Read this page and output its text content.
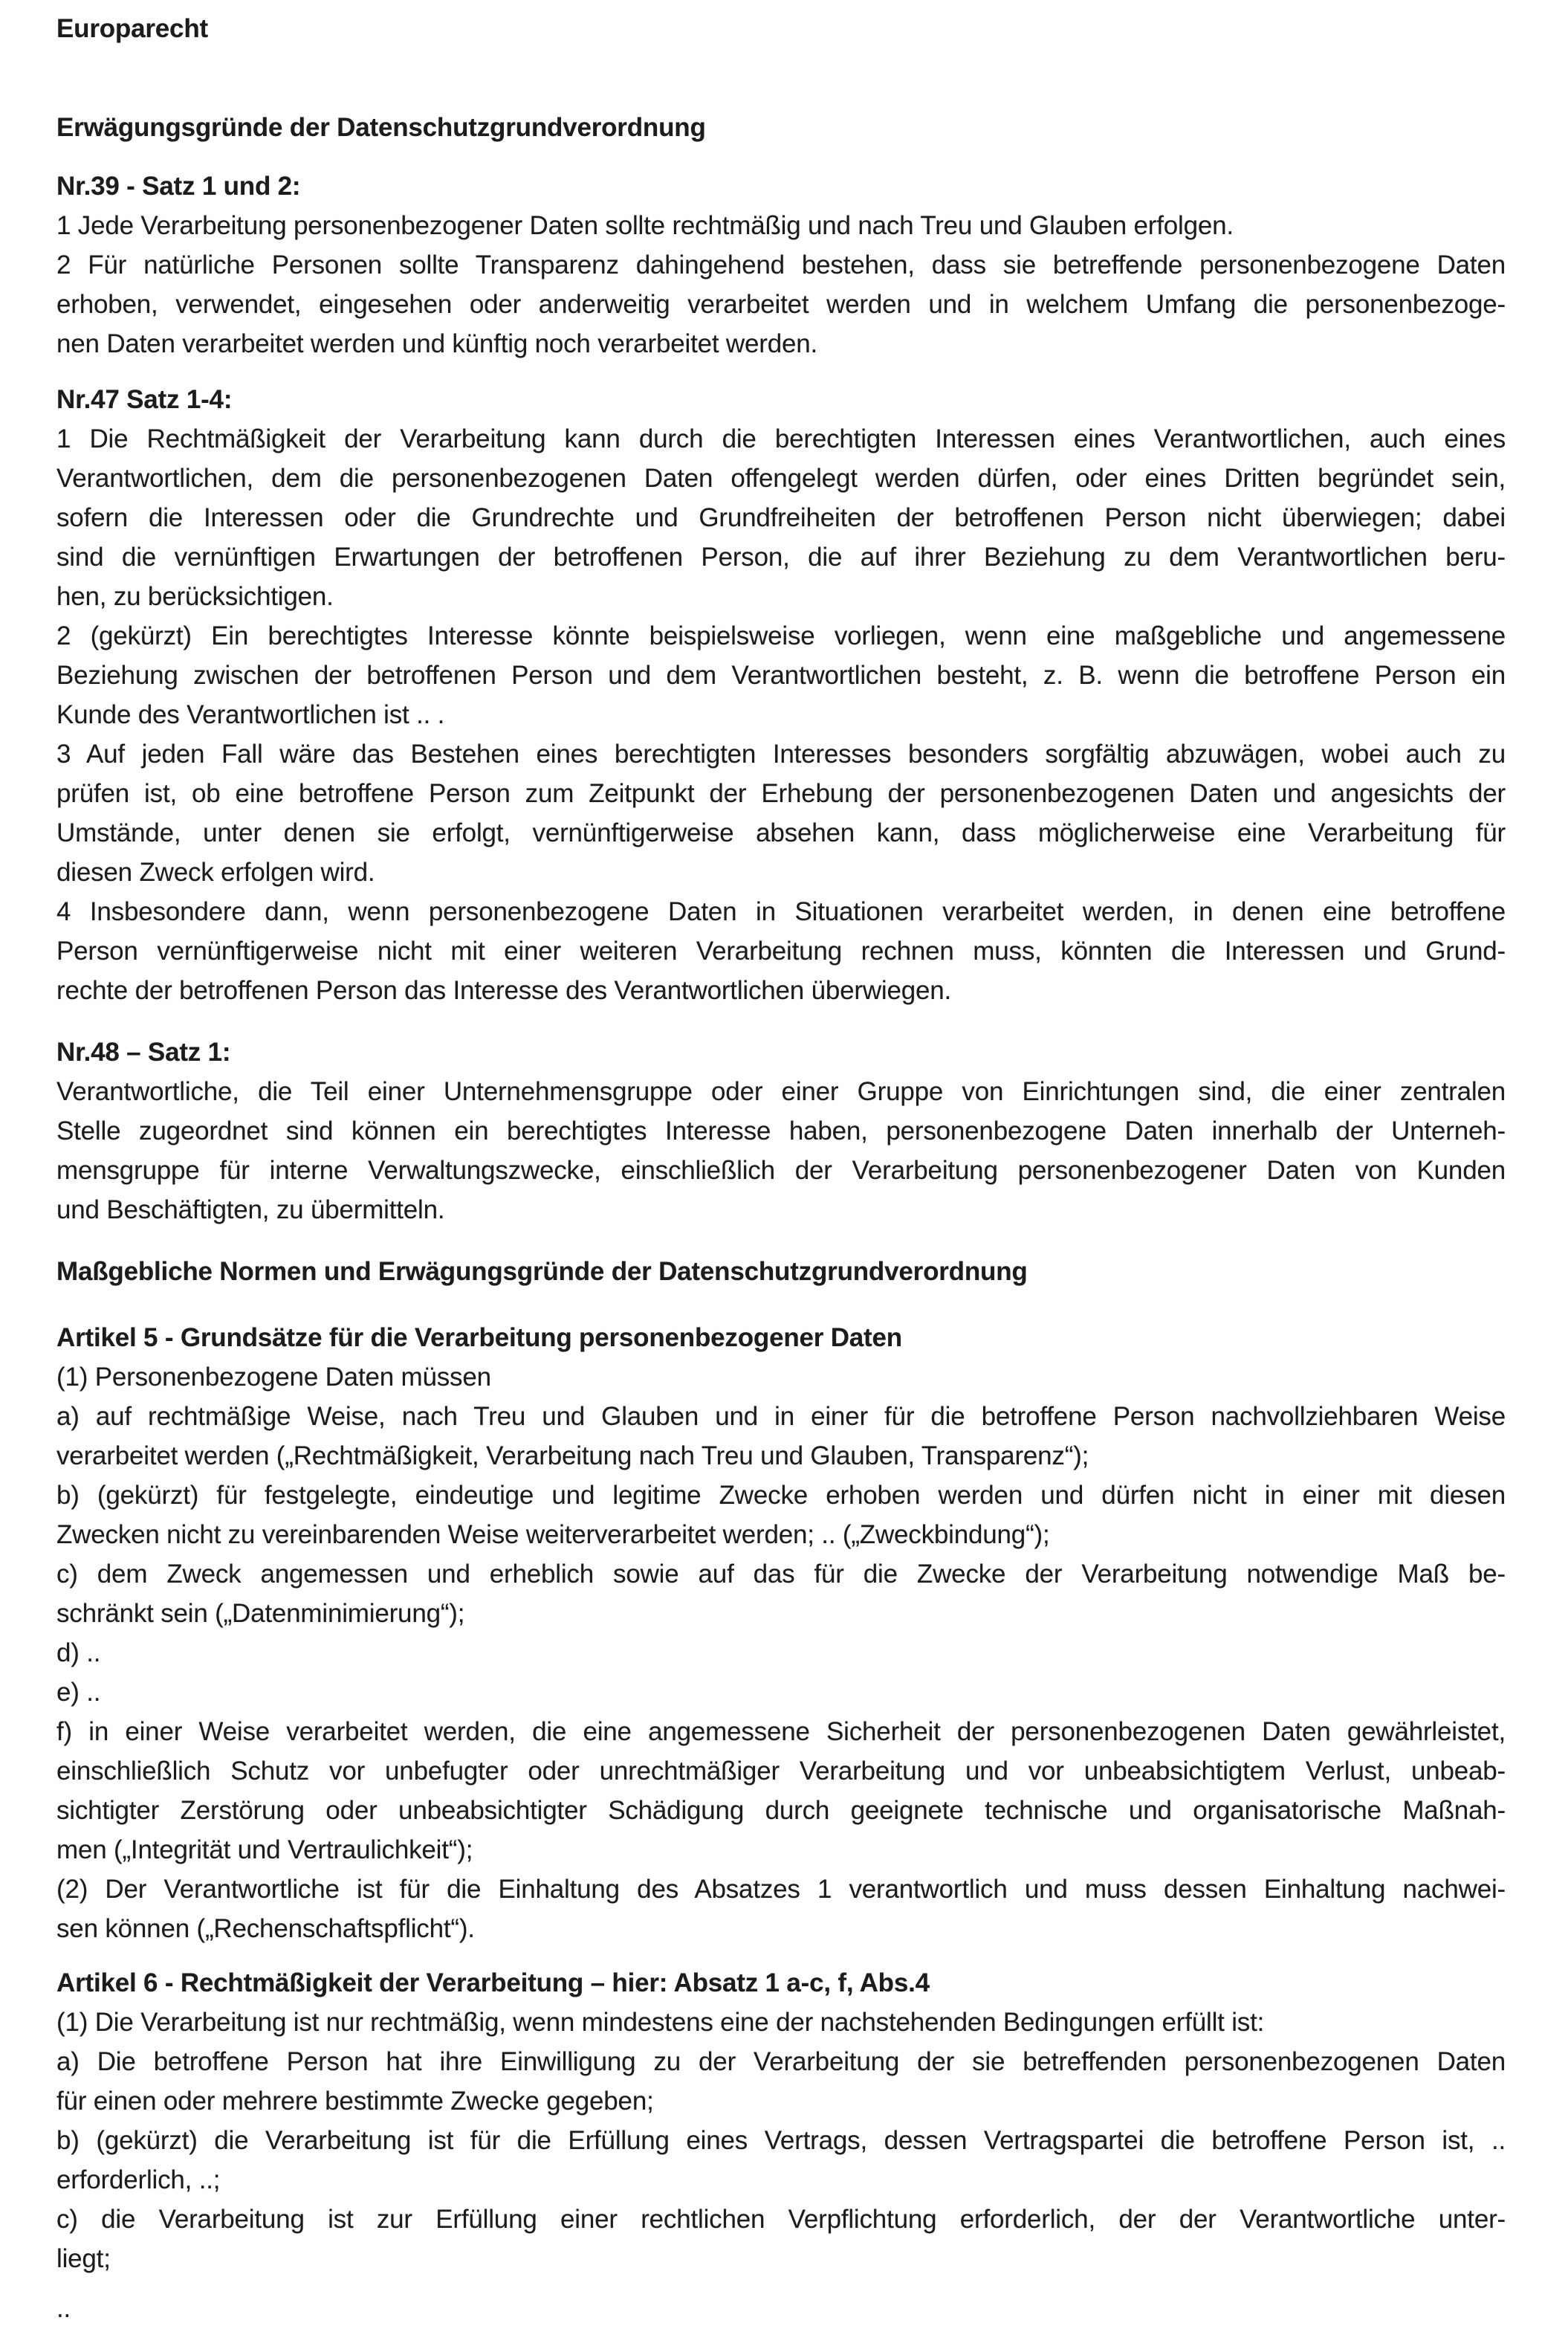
Europarecht
Erwägungsgründe der Datenschutzgrundverordnung
Nr.39 - Satz 1 und 2:
1 Jede Verarbeitung personenbezogener Daten sollte rechtmäßig und nach Treu und Glauben erfolgen.
2 Für natürliche Personen sollte Transparenz dahingehend bestehen, dass sie betreffende personenbezogene Daten
erhoben, verwendet, eingesehen oder anderweitig verarbeitet werden und in welchem Umfang die personenbezoge-
nen Daten verarbeitet werden und künftig noch verarbeitet werden.
Nr.47 Satz 1-4:
1 Die Rechtmäßigkeit der Verarbeitung kann durch die berechtigten Interessen eines Verantwortlichen, auch eines
Verantwortlichen, dem die personenbezogenen Daten offengelegt werden dürfen, oder eines Dritten begründet sein,
sofern die Interessen oder die Grundrechte und Grundfreiheiten der betroffenen Person nicht überwiegen; dabei
sind die vernünftigen Erwartungen der betroffenen Person, die auf ihrer Beziehung zu dem Verantwortlichen beru-
hen, zu berücksichtigen.
2 (gekürzt) Ein berechtigtes Interesse könnte beispielsweise vorliegen, wenn eine maßgebliche und angemessene
Beziehung zwischen der betroffenen Person und dem Verantwortlichen besteht, z. B. wenn die betroffene Person ein
Kunde des Verantwortlichen ist .. .
3 Auf jeden Fall wäre das Bestehen eines berechtigten Interesses besonders sorgfältig abzuwägen, wobei auch zu
prüfen ist, ob eine betroffene Person zum Zeitpunkt der Erhebung der personenbezogenen Daten und angesichts der
Umstände, unter denen sie erfolgt, vernünftigerweise absehen kann, dass möglicherweise eine Verarbeitung für
diesen Zweck erfolgen wird.
4 Insbesondere dann, wenn personenbezogene Daten in Situationen verarbeitet werden, in denen eine betroffene
Person vernünftigerweise nicht mit einer weiteren Verarbeitung rechnen muss, könnten die Interessen und Grund-
rechte der betroffenen Person das Interesse des Verantwortlichen überwiegen.
Nr.48 – Satz 1:
Verantwortliche, die Teil einer Unternehmensgruppe oder einer Gruppe von Einrichtungen sind, die einer zentralen
Stelle zugeordnet sind können ein berechtigtes Interesse haben, personenbezogene Daten innerhalb der Unterneh-
mensgruppe für interne Verwaltungszwecke, einschließlich der Verarbeitung personenbezogener Daten von Kunden
und Beschäftigten, zu übermitteln.
Maßgebliche Normen und Erwägungsgründe der Datenschutzgrundverordnung
Artikel 5 - Grundsätze für die Verarbeitung personenbezogener Daten
(1) Personenbezogene Daten müssen
a) auf rechtmäßige Weise, nach Treu und Glauben und in einer für die betroffene Person nachvollziehbaren Weise
verarbeitet werden („Rechtmäßigkeit, Verarbeitung nach Treu und Glauben, Transparenz“);
b) (gekürzt) für festgelegte, eindeutige und legitime Zwecke erhoben werden und dürfen nicht in einer mit diesen
Zwecken nicht zu vereinbarenden Weise weiterverarbeitet werden; .. („Zweckbindung“);
c) dem Zweck angemessen und erheblich sowie auf das für die Zwecke der Verarbeitung notwendige Maß be-
schränkt sein („Datenminimierung“);
d) ..
e) ..
f) in einer Weise verarbeitet werden, die eine angemessene Sicherheit der personenbezogenen Daten gewährleistet,
einschließlich Schutz vor unbefugter oder unrechtmäßiger Verarbeitung und vor unbeabsichtigtem Verlust, unbeab-
sichtigter Zerstörung oder unbeabsichtigter Schädigung durch geeignete technische und organisatorische Maßnah-
men („Integrität und Vertraulichkeit“);
(2) Der Verantwortliche ist für die Einhaltung des Absatzes 1 verantwortlich und muss dessen Einhaltung nachwei-
sen können („Rechenschaftspflicht“).
Artikel 6 - Rechtmäßigkeit der Verarbeitung – hier: Absatz 1 a-c, f, Abs.4
(1) Die Verarbeitung ist nur rechtmäßig, wenn mindestens eine der nachstehenden Bedingungen erfüllt ist:
a) Die betroffene Person hat ihre Einwilligung zu der Verarbeitung der sie betreffenden personenbezogenen Daten
für einen oder mehrere bestimmte Zwecke gegeben;
b) (gekürzt) die Verarbeitung ist für die Erfüllung eines Vertrags, dessen Vertragspartei die betroffene Person ist, ..
erforderlich, ..;
c) die Verarbeitung ist zur Erfüllung einer rechtlichen Verpflichtung erforderlich, der der Verantwortliche unter-
liegt;
..
